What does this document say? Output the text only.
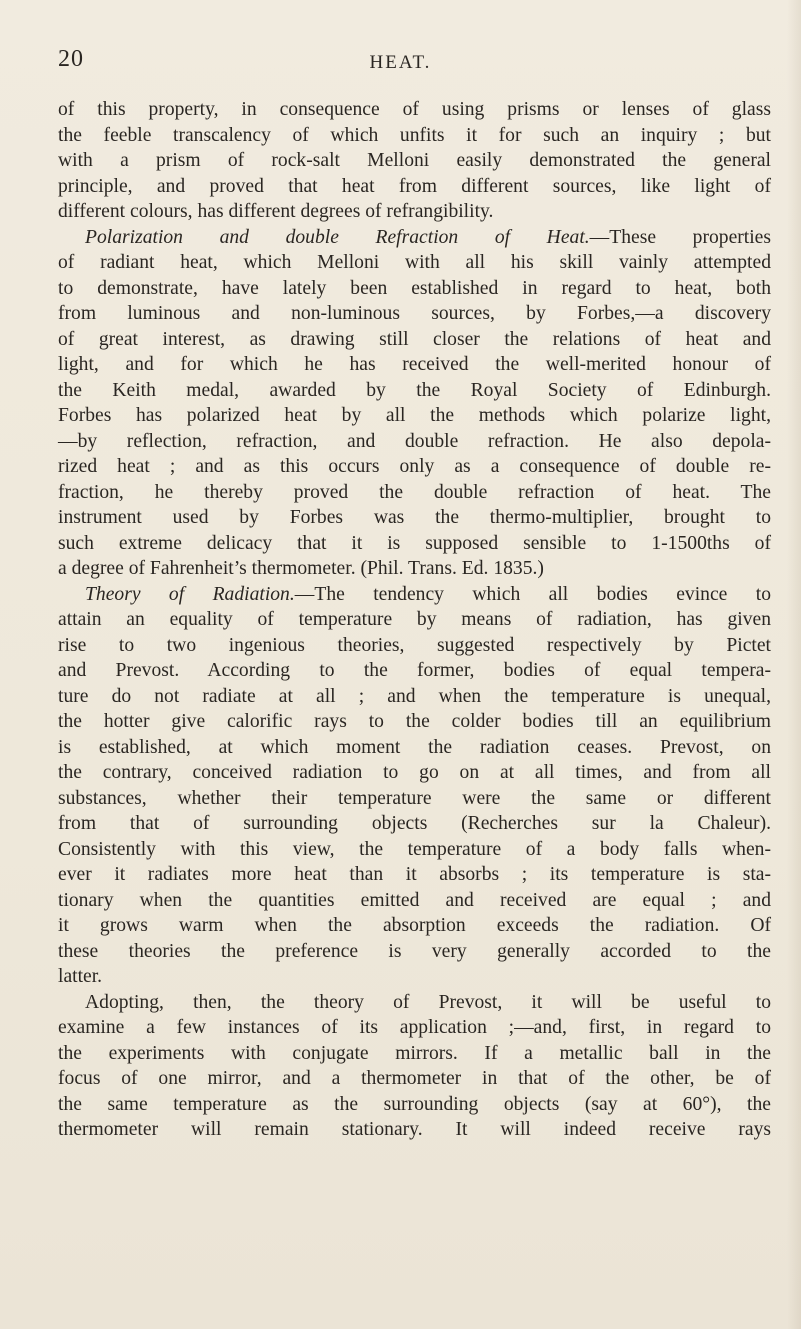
20	HEAT.
of this property, in consequence of using prisms or lenses of glass
the feeble transcalency of which unfits it for such an inquiry ; but
with a prism of rock-salt Melloni easily demonstrated the general
principle, and proved that heat from different sources, like light of
different colours, has different degrees of refrangibility.
Polarization and double Refraction of Heat.—These properties
of radiant heat, which Melloni with all his skill vainly attempted
to demonstrate, have lately been established in regard to heat, both
from luminous and non-luminous sources, by Forbes,—a discovery
of great interest, as drawing still closer the relations of heat and
light, and for which he has received the well-merited honour of
the Keith medal, awarded by the Royal Society of Edinburgh.
Forbes has polarized heat by all the methods which polarize light,
—by reflection, refraction, and double refraction. He also depola-
rized heat ; and as this occurs only as a consequence of double re-
fraction, he thereby proved the double refraction of heat. The
instrument used by Forbes was the thermo-multiplier, brought to
such extreme delicacy that it is supposed sensible to 1-1500ths of
a degree of Fahrenheit’s thermometer. (Phil. Trans. Ed. 1835.)
Theory of Radiation.—The tendency which all bodies evince to
attain an equality of temperature by means of radiation, has given
rise to two ingenious theories, suggested respectively by Pictet
and Prevost. According to the former, bodies of equal tempera-
ture do not radiate at all ; and when the temperature is unequal,
the hotter give calorific rays to the colder bodies till an equilibrium
is established, at which moment the radiation ceases. Prevost, on
the contrary, conceived radiation to go on at all times, and from all
substances, whether their temperature were the same or different
from that of surrounding objects (Recherches sur la Chaleur).
Consistently with this view, the temperature of a body falls when-
ever it radiates more heat than it absorbs ; its temperature is sta-
tionary when the quantities emitted and received are equal ; and
it grows warm when the absorption exceeds the radiation. Of
these theories the preference is very generally accorded to the
latter.
Adopting, then, the theory of Prevost, it will be useful to
examine a few instances of its application ;—and, first, in regard to
the experiments with conjugate mirrors. If a metallic ball in the
focus of one mirror, and a thermometer in that of the other, be of
the same temperature as the surrounding objects (say at 60°), the
thermometer will remain stationary. It will indeed receive rays
